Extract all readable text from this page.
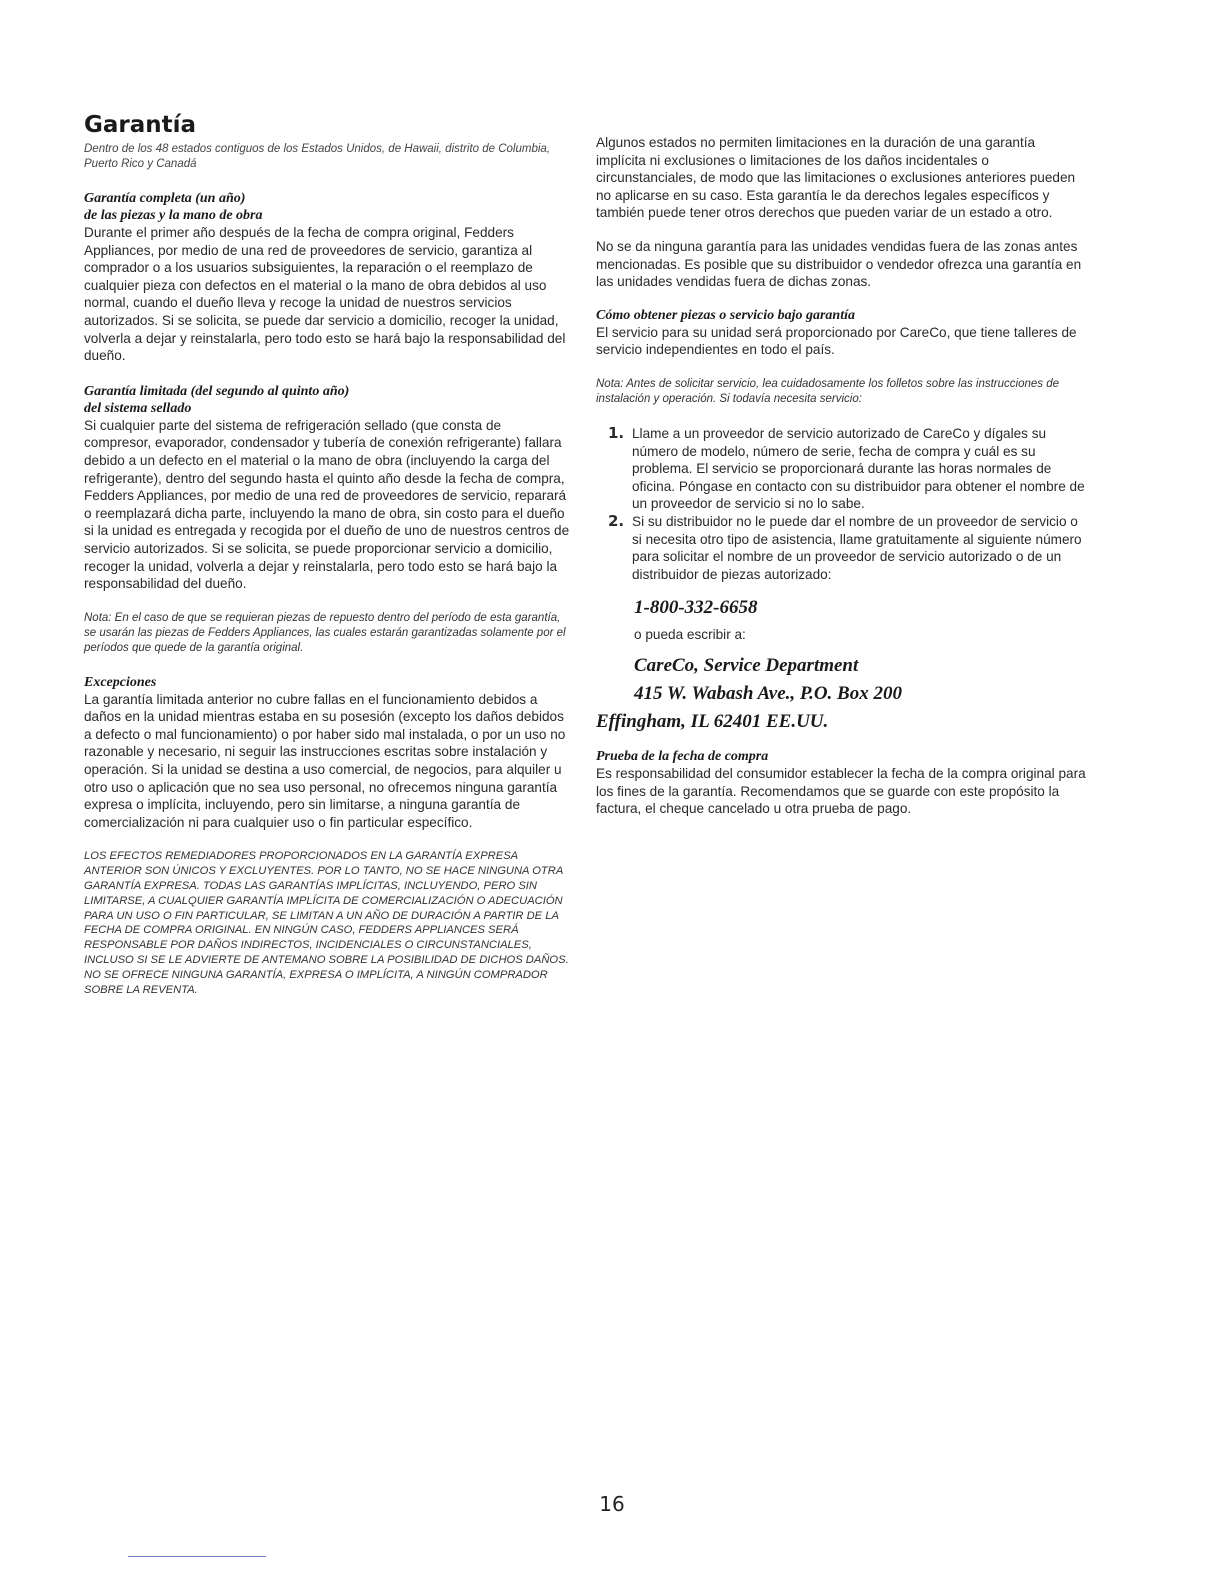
Garantía

Dentro de los 48 estados contiguos de los Estados Unidos, de Hawaii, distrito de Columbia, Puerto Rico y Canadá

Garantía completa (un año)

de las piezas y la mano de obra

Durante el primer año después de la fecha de compra original, Fedders Appliances, por medio de una red de proveedores de servicio, garantiza al comprador o a los usuarios subsiguientes, la reparación o el reemplazo de cualquier pieza con defectos en el material o la mano de obra debidos al uso normal, cuando el dueño lleva y recoge la unidad de nuestros servicios autorizados. Si se solicita, se puede dar servicio a domicilio, recoger la unidad, volverla a dejar y reinstalarla, pero todo esto se hará bajo la responsabilidad del dueño.

Garantía limitada (del segundo al quinto año)

del sistema sellado

Si cualquier parte del sistema de refrigeración sellado (que consta de compresor, evaporador, condensador y tubería de conexión refrigerante) fallara debido a un defecto en el material o la mano de obra (incluyendo la carga del refrigerante), dentro del segundo hasta el quinto año desde la fecha de compra, Fedders Appliances, por medio de una red de proveedores de servicio, reparará o reemplazará dicha parte, incluyendo la mano de obra, sin costo para el dueño si la unidad es entregada y recogida por el dueño de uno de nuestros centros de servicio autorizados. Si se solicita, se puede proporcionar servicio a domicilio, recoger la unidad, volverla a dejar y reinstalarla, pero todo esto se hará bajo la responsabilidad del dueño.

Nota: En el caso de que se requieran piezas de repuesto dentro del período de esta garantía, se usarán las piezas de Fedders Appliances, las cuales estarán garantizadas solamente por el períodos que quede de la garantía original.

Excepciones

La garantía limitada anterior no cubre fallas en el funcionamiento debidos a daños en la unidad mientras estaba en su posesión (excepto los daños debidos a defecto o mal funcionamiento) o por haber sido mal instalada, o por un uso no razonable y necesario, ni seguir las instrucciones escritas sobre instalación y operación. Si la unidad se destina a uso comercial, de negocios, para alquiler u otro uso o aplicación que no sea uso personal, no ofrecemos ninguna garantía expresa o implícita, incluyendo, pero sin limitarse, a ninguna garantía de comercialización ni para cualquier uso o fin particular específico.

LOS EFECTOS REMEDIADORES PROPORCIONADOS EN LA GARANTÍA EXPRESA ANTERIOR SON ÚNICOS Y EXCLUYENTES. POR LO TANTO, NO SE HACE NINGUNA OTRA GARANTÍA EXPRESA. TODAS LAS GARANTÍAS IMPLÍCITAS, INCLUYENDO, PERO SIN LIMITARSE, A CUALQUIER GARANTÍA IMPLÍCITA DE COMERCIALIZACIÓN O ADECUACIÓN PARA UN USO O FIN PARTICULAR, SE LIMITAN A UN AÑO DE DURACIÓN A PARTIR DE LA FECHA DE COMPRA ORIGINAL. EN NINGÚN CASO, FEDDERS APPLIANCES SERÁ RESPONSABLE POR DAÑOS INDIRECTOS, INCIDENCIALES O CIRCUNSTANCIALES, INCLUSO SI SE LE ADVIERTE DE ANTEMANO SOBRE LA POSIBILIDAD DE DICHOS DAÑOS. NO SE OFRECE NINGUNA GARANTÍA, EXPRESA O IMPLÍCITA, A NINGÚN COMPRADOR SOBRE LA REVENTA.

Algunos estados no permiten limitaciones en la duración de una garantía implícita ni exclusiones o limitaciones de los daños incidentales o circunstanciales, de modo que las limitaciones o exclusiones anteriores pueden no aplicarse en su caso. Esta garantía le da derechos legales específicos y también puede tener otros derechos que pueden variar de un estado a otro.

No se da ninguna garantía para las unidades vendidas fuera de las zonas antes mencionadas. Es posible que su distribuidor o vendedor ofrezca una garantía en las unidades vendidas fuera de dichas zonas.

Cómo obtener piezas o servicio bajo garantía

El servicio para su unidad será proporcionado por CareCo, que tiene talleres de servicio independientes en todo el país.

Nota: Antes de solicitar servicio, lea cuidadosamente los folletos sobre las instrucciones de instalación y operación. Si todavía necesita servicio:

1. Llame a un proveedor de servicio autorizado de CareCo y dígales su número de modelo, número de serie, fecha de compra y cuál es su problema. El servicio se proporcionará durante las horas normales de oficina. Póngase en contacto con su distribuidor para obtener el nombre de un proveedor de servicio si no lo sabe.
2. Si su distribuidor no le puede dar el nombre de un proveedor de servicio o si necesita otro tipo de asistencia, llame gratuitamente al siguiente número para solicitar el nombre de un proveedor de servicio autorizado o de un distribuidor de piezas autorizado:
1-800-332-6658
o pueda escribir a:
CareCo, Service Department
415 W. Wabash Ave., P.O. Box 200
Effingham, IL 62401 EE.UU.

Prueba de la fecha de compra

Es responsabilidad del consumidor establecer la fecha de la compra original para los fines de la garantía. Recomendamos que se guarde con este propósito la factura, el cheque cancelado u otra prueba de pago.

16
